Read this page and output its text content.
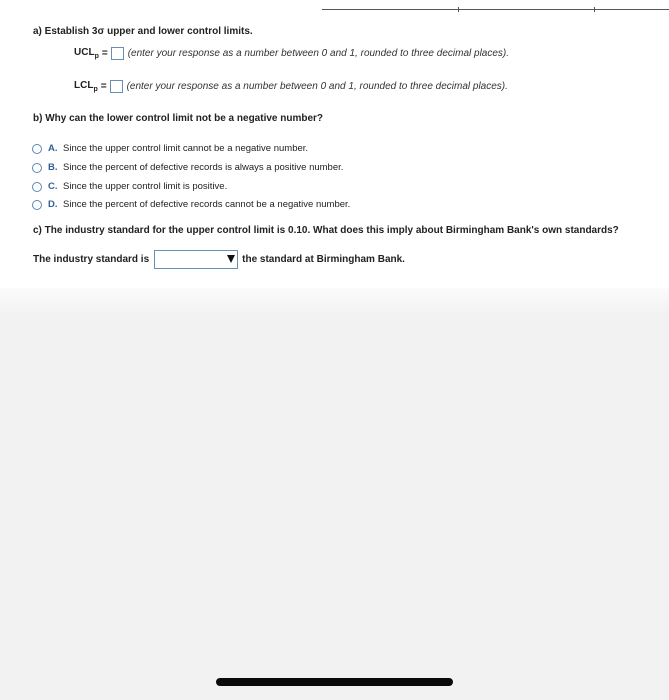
a) Establish 3σ upper and lower control limits.
$UCL_p$ = (enter your response as a number between 0 and 1, rounded to three decimal places).
$LCL_p$ = (enter your response as a number between 0 and 1, rounded to three decimal places).
b) Why can the lower control limit not be a negative number?
A. Since the upper control limit cannot be a negative number.
B. Since the percent of defective records is always a positive number.
C. Since the upper control limit is positive.
D. Since the percent of defective records cannot be a negative number.
c) The industry standard for the upper control limit is 0.10. What does this imply about Birmingham Bank's own standards?
The industry standard is	the standard at Birmingham Bank.
